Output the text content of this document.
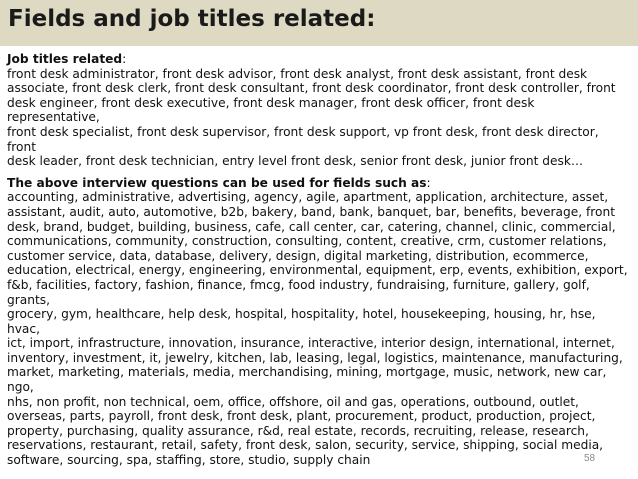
Fields and job titles related:

Job titles related:

front desk administrator, front desk advisor, front desk analyst, front desk assistant, front desk
associate, front desk clerk, front desk consultant, front desk coordinator, front desk controller, front
desk engineer, front desk executive, front desk manager, front desk officer, front desk representative,
front desk specialist, front desk supervisor, front desk support, vp front desk, front desk director, front
desk leader, front desk technician, entry level front desk, senior front desk, junior front desk…

The above interview questions can be used for fields such as:

accounting, administrative, advertising, agency, agile, apartment, application, architecture, asset,
assistant, audit, auto, automotive, b2b, bakery, band, bank, banquet, bar, benefits, beverage, front
desk, brand, budget, building, business, cafe, call center, car, catering, channel, clinic, commercial,
communications, community, construction, consulting, content, creative, crm, customer relations,
customer service, data, database, delivery, design, digital marketing, distribution, ecommerce,
education, electrical, energy, engineering, environmental, equipment, erp, events, exhibition, export,
f&b, facilities, factory, fashion, finance, fmcg, food industry, fundraising, furniture, gallery, golf, grants,
grocery, gym, healthcare, help desk, hospital, hospitality, hotel, housekeeping, housing, hr, hse, hvac,
ict, import, infrastructure, innovation, insurance, interactive, interior design, international, internet,
inventory, investment, it, jewelry, kitchen, lab, leasing, legal, logistics, maintenance, manufacturing,
market, marketing, materials, media, merchandising, mining, mortgage, music, network, new car, ngo,
nhs, non profit, non technical, oem, office, offshore, oil and gas, operations, outbound, outlet,
overseas, parts, payroll, front desk, front desk, plant, procurement, product, production, project,
property, purchasing, quality assurance, r&d, real estate, records, recruiting, release, research,
reservations, restaurant, retail, safety, front desk, salon, security, service, shipping, social media,
software, sourcing, spa, staffing, store, studio, supply chain	58
